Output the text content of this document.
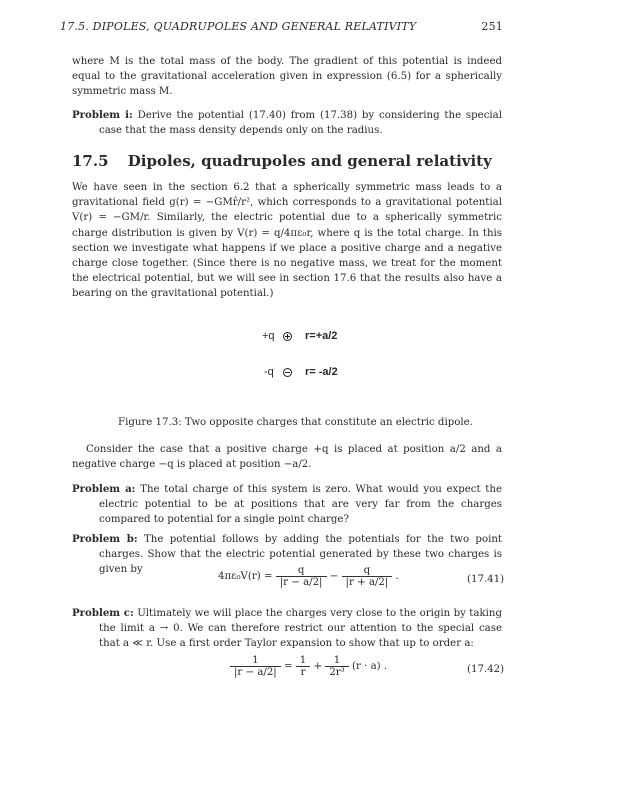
17.5. DIPOLES, QUADRUPOLES AND GENERAL RELATIVITY	251
where M is the total mass of the body. The gradient of this potential is indeed equal to the gravitational acceleration given in expression (6.5) for a spherically symmetric mass M.
Problem i: Derive the potential (17.40) from (17.38) by considering the special case that the mass density depends only on the radius.
17.5 Dipoles, quadrupoles and general relativity
We have seen in the section 6.2 that a spherically symmetric mass leads to a gravitational field g(r) = −GMr̂/r², which corresponds to a gravitational potential V(r) = −GM/r. Similarly, the electric potential due to a spherically symmetric charge distribution is given by V(r) = q/4πε₀r, where q is the total charge. In this section we investigate what happens if we place a positive charge and a negative charge close together. (Since there is no negative mass, we treat for the moment the electrical potential, but we will see in section 17.6 that the results also have a bearing on the gravitational potential.)
+q	r=+a/2
-q	r= -a/2
Figure 17.3: Two opposite charges that constitute an electric dipole.
Consider the case that a positive charge +q is placed at position a/2 and a negative charge −q is placed at position −a/2.
Problem a: The total charge of this system is zero. What would you expect the electric potential to be at positions that are very far from the charges compared to potential for a single point charge?
Problem b: The potential follows by adding the potentials for the two point charges. Show that the electric potential generated by these two charges is given by
$4\pi\varepsilon_0V(r) = \frac{q}{|r - a/2|} - \frac{q}{|r + a/2|}$ .	(17.41)
Problem c: Ultimately we will place the charges very close to the origin by taking the limit a → 0. We can therefore restrict our attention to the special case that a ≪ r. Use a first order Taylor expansion to show that up to order a:
$\frac{1}{|r - a/2|} = \frac{1}{r} + \frac{1}{\text{2r³}} (r \cdot a)$ .	(17.42)
